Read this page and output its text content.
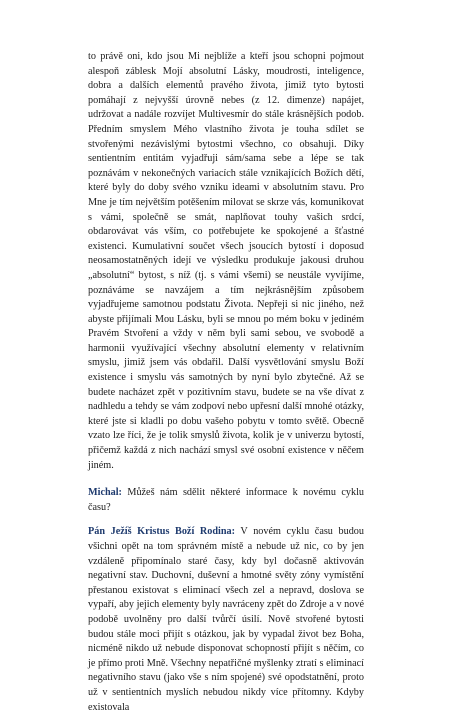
to právě oni, kdo jsou Mi nejblíže a kteří jsou schopni pojmout alespoň záblesk Mojí absolutní Lásky, moudrosti, inteligence, dobra a dalších elementů pravého života, jimiž tyto bytosti pomáhají z nejvyšší úrovně nebes (z 12. dimenze) napájet, udržovat a nadále rozvíjet Multivesmír do stále krásnějších podob. Předním smyslem Mého vlastního života je touha sdílet se stvořenými nezávislými bytostmi všechno, co obsahuji. Díky sentientním entitám vyjadřuji sám/sama sebe a lépe se tak poznávám v nekonečných variacích stále vznikajících Božích dětí, které byly do doby svého vzniku ideami v absolutním stavu. Pro Mne je tím největším potěšením milovat se skrze vás, komunikovat s vámi, společně se smát, naplňovat touhy vašich srdcí, obdarovávat vás vším, co potřebujete ke spokojené a šťastné existenci. Kumulativní součet všech jsoucích bytostí i doposud neosamostatněných idejí ve výsledku produkuje jakousi druhou „absolutní“ bytost, s níž (tj. s vámi všemi) se neustále vyvíjíme, poznáváme se navzájem a tím nejkrásnějším způsobem vyjadřujeme samotnou podstatu Života. Nepřeji si nic jiného, než abyste přijímali Mou Lásku, byli se mnou po mém boku v jediném Pravém Stvoření a vždy v něm byli sami sebou, ve svobodě a harmonii využívající všechny absolutní elementy v relativním smyslu, jimiž jsem vás obdařil. Další vysvětlování smyslu Boží existence i smyslu vás samotných by nyní bylo zbytečné. Až se budete nacházet zpět v pozitivním stavu, budete se na vše dívat z nadhledu a tehdy se vám zodpoví nebo upřesní další mnohé otázky, které jste si kladli po dobu vašeho pobytu v tomto světě. Obecně vzato lze říci, že je tolik smyslů života, kolik je v univerzu bytostí, přičemž každá z nich nachází smysl své osobní existence v něčem jiném.

Michal: Můžeš nám sdělit některé informace k novému cyklu času?

Pán Ježíš Kristus Boží Rodina: V novém cyklu času budou všichni opět na tom správném místě a nebude už nic, co by jen vzdáleně připomínalo staré časy, kdy byl dočasně aktivován negativní stav. Duchovní, duševní a hmotné světy zóny vymístění přestanou existovat s eliminací všech zel a nepravd, doslova se vypaří, aby jejich elementy byly navráceny zpět do Zdroje a v nové podobě uvolněny pro další tvůrčí úsilí. Nově stvořené bytosti budou stále moci přijít s otázkou, jak by vypadal život bez Boha, nicméně nikdo už nebude disponovat schopností přijít s něčím, co je přímo proti Mně. Všechny nepatřičné myšlenky ztratí s eliminací negativního stavu (jako vše s ním spojené) své opodstatnění, proto už v sentientních myslích nebudou nikdy více přítomny. Kdyby existovala
